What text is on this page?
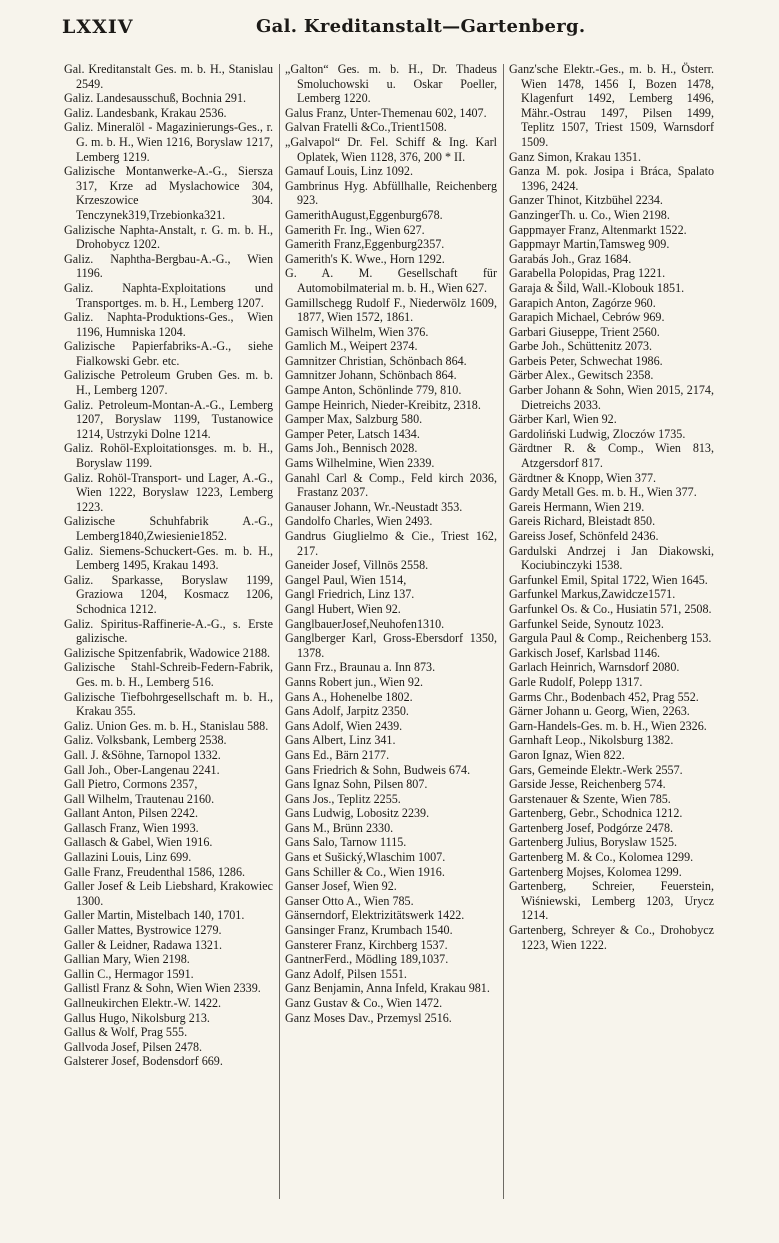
LXXIV	Gal. Kreditanstalt—Gartenberg.

Gal. Kreditanstalt Ges. m. b. H., Stanislau 2549.

Galiz. Landesausschuß, Bochnia 291.

Galiz. Landesbank, Krakau 2536.

Galiz. Mineralöl - Magazinierungs-Ges., r. G. m. b. H., Wien 1216, Boryslaw 1217, Lemberg 1219.

Galizische Montanwerke-A.-G., Siersza 317, Krze ad Myslachowice 304, Krzeszowice 304. Tenczynek319,Trzebionka321.

Galizische Naphta-Anstalt, r. G. m. b. H., Drohobycz 1202.

Galiz. Naphtha-Bergbau-A.-G., Wien 1196.

Galiz. Naphta-Exploitations und Transportges. m. b. H., Lemberg 1207.

Galiz. Naphta-Produktions-Ges., Wien 1196, Humniska 1204.

Galizische Papierfabriks-A.-G., siehe Fialkowski Gebr. etc.

Galizische Petroleum Gruben Ges. m. b. H., Lemberg 1207.

Galiz. Petroleum-Montan-A.-G., Lemberg 1207, Boryslaw 1199, Tustanowice 1214, Ustrzyki Dolne 1214.

Galiz. Rohöl-Exploitationsges. m. b. H., Boryslaw 1199.

Galiz. Rohöl-Transport- und Lager, A.-G., Wien 1222, Boryslaw 1223, Lemberg 1223.

Galizische Schuhfabrik A.-G., Lemberg1840,Zwiesienie1852.

Galiz. Siemens-Schuckert-Ges. m. b. H., Lemberg 1495, Krakau 1493.

Galiz. Sparkasse, Boryslaw 1199, Graziowa 1204, Kosmacz 1206, Schodnica 1212.

Galiz. Spiritus-Raffinerie-A.-G., s. Erste galizische.

Galizische Spitzenfabrik, Wadowice 2188.

Galizische Stahl-Schreib-Federn-Fabrik, Ges. m. b. H., Lemberg 516.

Galizische Tiefbohrgesellschaft m. b. H., Krakau 355.

Galiz. Union Ges. m. b. H., Stanislau 588.

Galiz. Volksbank, Lemberg 2538.

Gall. J. &Söhne, Tarnopol 1332.

Gall Joh., Ober-Langenau 2241.

Gall Pietro, Cormons 2357,

Gall Wilhelm, Trautenau 2160.

Gallant Anton, Pilsen 2242.

Gallasch Franz, Wien 1993.

Gallasch & Gabel, Wien 1916.

Gallazini Louis, Linz 699.

Galle Franz, Freudenthal 1586, 1286.

Galler Josef & Leib Liebshard, Krakowiec 1300.

Galler Martin, Mistelbach 140, 1701.

Galler Mattes, Bystrowice 1279.

Galler & Leidner, Radawa 1321.

Gallian Mary, Wien 2198.

Gallin C., Hermagor 1591.

Gallistl Franz & Sohn, Wien Wien 2339.

Gallneukirchen Elektr.-W. 1422.

Gallus Hugo, Nikolsburg 213.

Gallus & Wolf, Prag 555.

Gallvoda Josef, Pilsen 2478.

Galsterer Josef, Bodensdorf 669.

„Galton“ Ges. m. b. H., Dr. Thadeus Smoluchowski u. Oskar Poeller, Lemberg 1220.

Galus Franz, Unter-Themenau 602, 1407.

Galvan Fratelli &Co.,Trient1508.

„Galvapol“ Dr. Fel. Schiff & Ing. Karl Oplatek, Wien 1128, 376, 200 * II.

Gamauf Louis, Linz 1092.

Gambrinus Hyg. Abfüllhalle, Reichenberg 923.

GamerithAugust,Eggenburg678.

Gamerith Fr. Ing., Wien 627.

Gamerith Franz,Eggenburg2357.

Gamerith's K. Wwe., Horn 1292.

G. A. M. Gesellschaft für Automobilmaterial m. b. H., Wien 627.

Gamillschegg Rudolf F., Niederwölz 1609, 1877, Wien 1572, 1861.

Gamisch Wilhelm, Wien 376.

Gamlich M., Weipert 2374.

Gamnitzer Christian, Schönbach 864.

Gamnitzer Johann, Schönbach 864.

Gampe Anton, Schönlinde 779, 810.

Gampe Heinrich, Nieder-Kreibitz, 2318.

Gamper Max, Salzburg 580.

Gamper Peter, Latsch 1434.

Gams Joh., Bennisch 2028.

Gams Wilhelmine, Wien 2339.

Ganahl Carl & Comp., Feld kirch 2036, Frastanz 2037.

Ganauser Johann, Wr.-Neustadt 353.

Gandolfo Charles, Wien 2493.

Gandrus Giuglielmo & Cie., Triest 162, 217.

Ganeider Josef, Villnös 2558.

Gangel Paul, Wien 1514,

Gangl Friedrich, Linz 137.

Gangl Hubert, Wien 92.

GanglbauerJosef,Neuhofen1310.

Ganglberger Karl, Gross-Ebersdorf 1350, 1378.

Gann Frz., Braunau a. Inn 873.

Ganns Robert jun., Wien 92.

Gans A., Hohenelbe 1802.

Gans Adolf, Jarpitz 2350.

Gans Adolf, Wien 2439.

Gans Albert, Linz 341.

Gans Ed., Bärn 2177.

Gans Friedrich & Sohn, Budweis 674.

Gans Ignaz Sohn, Pilsen 807.

Gans Jos., Teplitz 2255.

Gans Ludwig, Lobositz 2239.

Gans M., Brünn 2330.

Gans Salo, Tarnow 1115.

Gans et Sušický,Wlaschim 1007.

Gans Schiller & Co., Wien 1916.

Ganser Josef, Wien 92.

Ganser Otto A., Wien 785.

Gänserndorf, Elektrizitätswerk 1422.

Gansinger Franz, Krumbach 1540.

Gansterer Franz, Kirchberg 1537.

GantnerFerd., Mödling 189,1037.

Ganz Adolf, Pilsen 1551.

Ganz Benjamin, Anna Infeld, Krakau 981.

Ganz Gustav & Co., Wien 1472.

Ganz Moses Dav., Przemysl 2516.

Ganz'sche Elektr.-Ges., m. b. H., Österr. Wien 1478, 1456 I, Bozen 1478, Klagenfurt 1492, Lemberg 1496, Mähr.-Ostrau 1497, Pilsen 1499, Teplitz 1507, Triest 1509, Warnsdorf 1509.

Ganz Simon, Krakau 1351.

Ganza M. pok. Josipa i Bráca, Spalato 1396, 2424.

Ganzer Thinot, Kitzbühel 2234.

GanzingerTh. u. Co., Wien 2198.

Gappmayer Franz, Altenmarkt 1522.

Gappmayr Martin,Tamsweg 909.

Garabás Joh., Graz 1684.

Garabella Polopidas, Prag 1221.

Garaja & Šild, Wall.-Klobouk 1851.

Garapich Anton, Zagórze 960.

Garapich Michael, Cebrów 969.

Garbari Giuseppe, Trient 2560.

Garbe Joh., Schüttenitz 2073.

Garbeis Peter, Schwechat 1986.

Gärber Alex., Gewitsch 2358.

Garber Johann & Sohn, Wien 2015, 2174, Dietreichs 2033.

Gärber Karl, Wien 92.

Gardoliński Ludwig, Zloczów 1735.

Gärdtner R. & Comp., Wien 813, Atzgersdorf 817.

Gärdtner & Knopp, Wien 377.

Gardy Metall Ges. m. b. H., Wien 377.

Gareis Hermann, Wien 219.

Gareis Richard, Bleistadt 850.

Gareiss Josef, Schönfeld 2436.

Gardulski Andrzej i Jan Diakowski, Kociubinczyki 1538.

Garfunkel Emil, Spital 1722, Wien 1645.

Garfunkel Markus,Zawidcze1571.

Garfunkel Os. & Co., Husiatin 571, 2508.

Garfunkel Seide, Synoutz 1023.

Gargula Paul & Comp., Reichenberg 153.

Garkisch Josef, Karlsbad 1146.

Garlach Heinrich, Warnsdorf 2080.

Garle Rudolf, Polepp 1317.

Garms Chr., Bodenbach 452, Prag 552.

Gärner Johann u. Georg, Wien, 2263.

Garn-Handels-Ges. m. b. H., Wien 2326.

Garnhaft Leop., Nikolsburg 1382.

Garon Ignaz, Wien 822.

Gars, Gemeinde Elektr.-Werk 2557.

Garside Jesse, Reichenberg 574.

Garstenauer & Szente, Wien 785.

Gartenberg, Gebr., Schodnica 1212.

Gartenberg Josef, Podgórze 2478.

Gartenberg Julius, Boryslaw 1525.

Gartenberg M. & Co., Kolomea 1299.

Gartenberg Mojses, Kolomea 1299.

Gartenberg, Schreier, Feuerstein, Wiśniewski, Lemberg 1203, Urycz 1214.

Gartenberg, Schreyer & Co., Drohobycz 1223, Wien 1222.
